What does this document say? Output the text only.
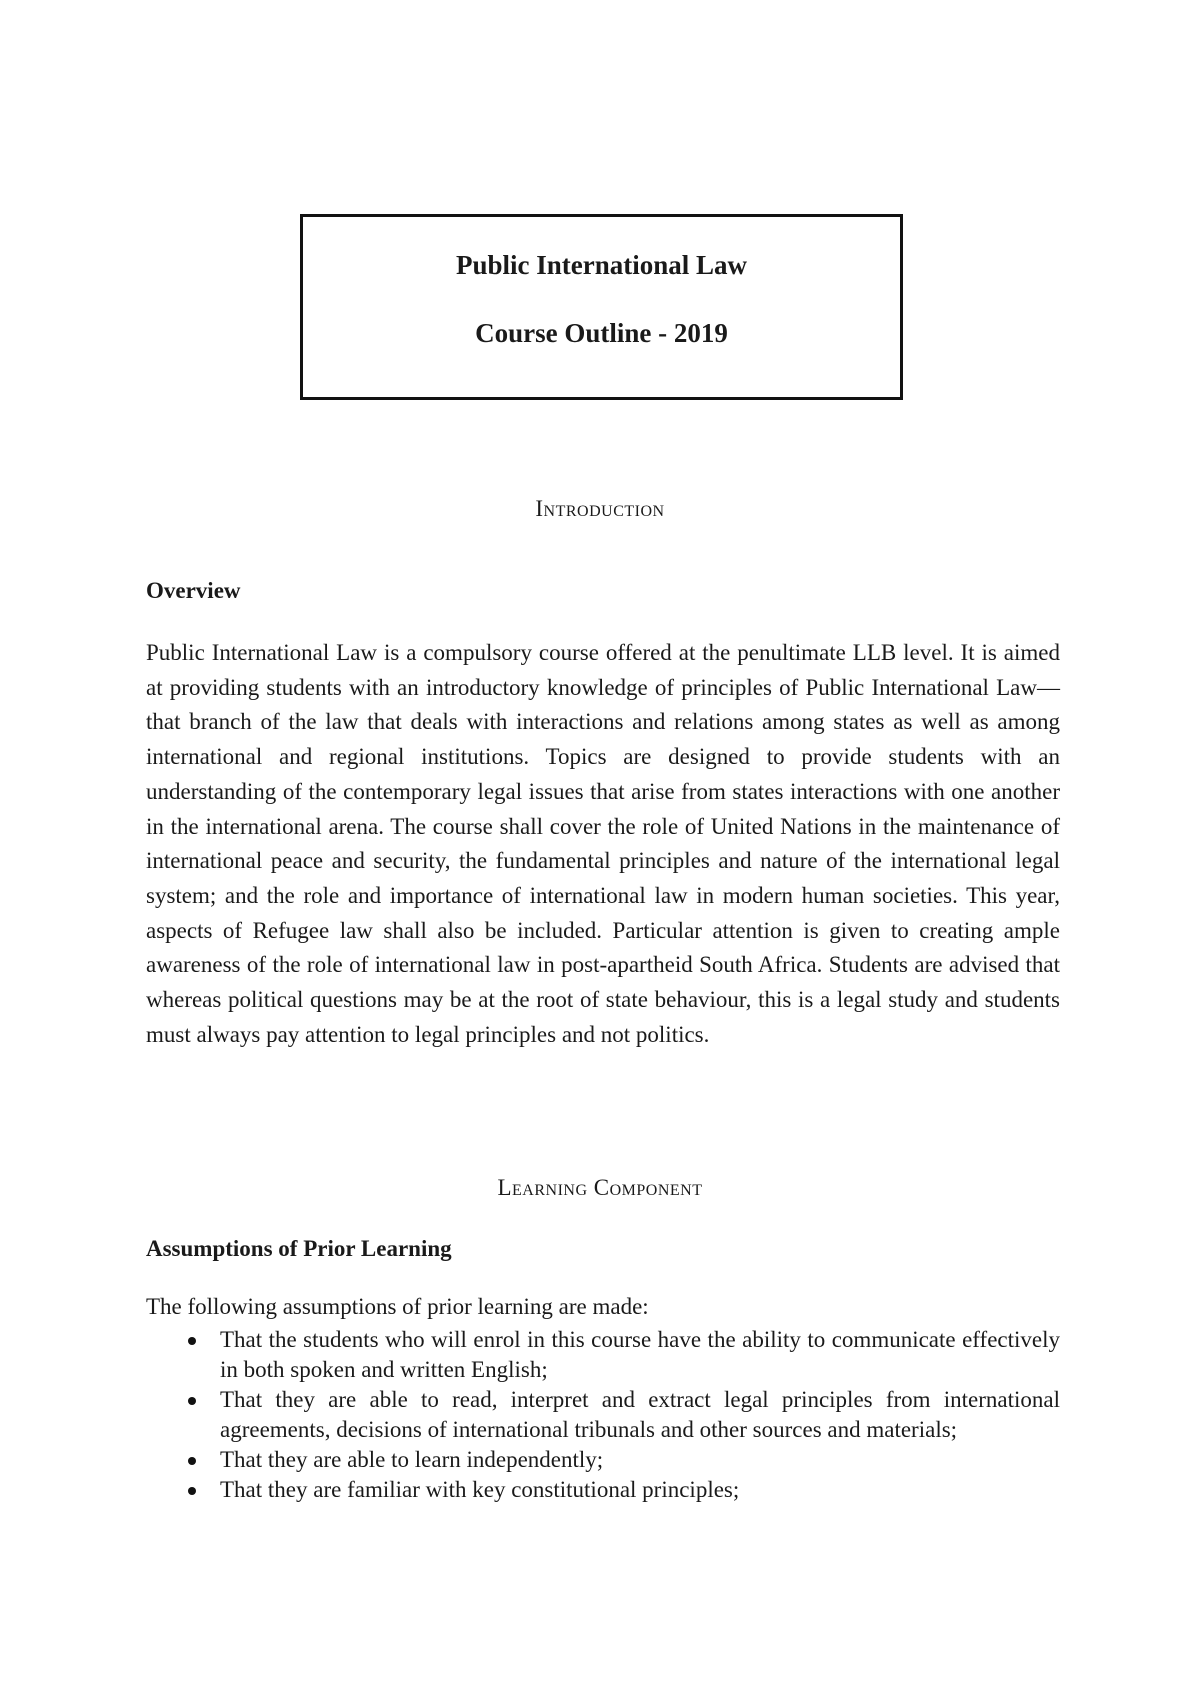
Public International Law
Course Outline - 2019
Introduction
Overview
Public International Law is a compulsory course offered at the penultimate LLB level. It is aimed at providing students with an introductory knowledge of principles of Public International Law—that branch of the law that deals with interactions and relations among states as well as among international and regional institutions. Topics are designed to provide students with an understanding of the contemporary legal issues that arise from states interactions with one another in the international arena. The course shall cover the role of United Nations in the maintenance of international peace and security, the fundamental principles and nature of the international legal system; and the role and importance of international law in modern human societies. This year, aspects of Refugee law shall also be included. Particular attention is given to creating ample awareness of the role of international law in post-apartheid South Africa. Students are advised that whereas political questions may be at the root of state behaviour, this is a legal study and students must always pay attention to legal principles and not politics.
Learning Component
Assumptions of Prior Learning
The following assumptions of prior learning are made:
That the students who will enrol in this course have the ability to communicate effectively in both spoken and written English;
That they are able to read, interpret and extract legal principles from international agreements, decisions of international tribunals and other sources and materials;
That they are able to learn independently;
That they are familiar with key constitutional principles;
